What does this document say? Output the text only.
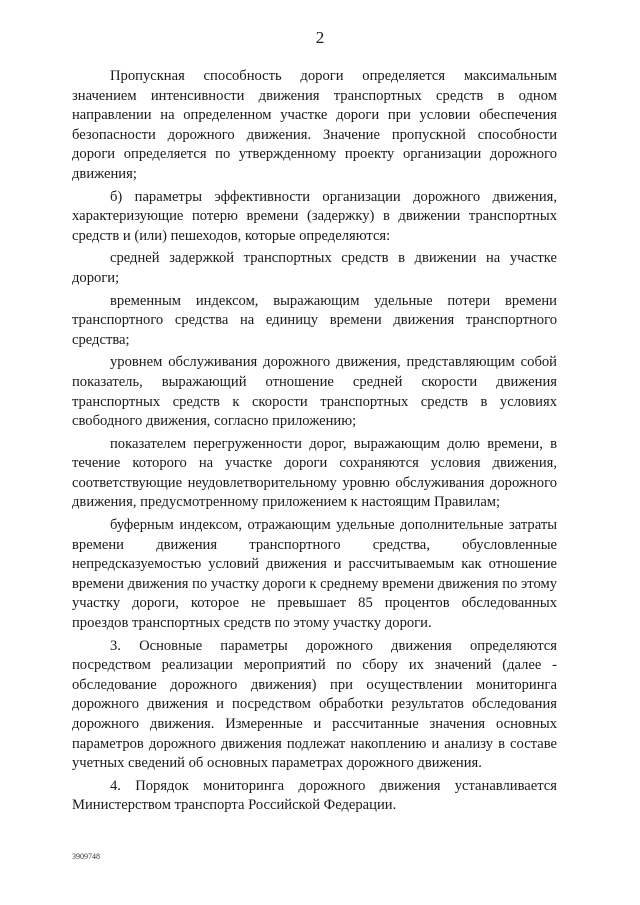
2

Пропускная способность дороги определяется максимальным значением интенсивности движения транспортных средств в одном направлении на определенном участке дороги при условии обеспечения безопасности дорожного движения. Значение пропускной способности дороги определяется по утвержденному проекту организации дорожного движения;

б) параметры эффективности организации дорожного движения, характеризующие потерю времени (задержку) в движении транспортных средств и (или) пешеходов, которые определяются:

средней задержкой транспортных средств в движении на участке дороги;

временным индексом, выражающим удельные потери времени транспортного средства на единицу времени движения транспортного средства;

уровнем обслуживания дорожного движения, представляющим собой показатель, выражающий отношение средней скорости движения транспортных средств к скорости транспортных средств в условиях свободного движения, согласно приложению;

показателем перегруженности дорог, выражающим долю времени, в течение которого на участке дороги сохраняются условия движения, соответствующие неудовлетворительному уровню обслуживания дорожного движения, предусмотренному приложением к настоящим Правилам;

буферным индексом, отражающим удельные дополнительные затраты времени движения транспортного средства, обусловленные непредсказуемостью условий движения и рассчитываемым как отношение времени движения по участку дороги к среднему времени движения по этому участку дороги, которое не превышает 85 процентов обследованных проездов транспортных средств по этому участку дороги.

3. Основные параметры дорожного движения определяются посредством реализации мероприятий по сбору их значений (далее - обследование дорожного движения) при осуществлении мониторинга дорожного движения и посредством обработки результатов обследования дорожного движения. Измеренные и рассчитанные значения основных параметров дорожного движения подлежат накоплению и анализу в составе учетных сведений об основных параметрах дорожного движения.

4. Порядок мониторинга дорожного движения устанавливается Министерством транспорта Российской Федерации.

3909748
